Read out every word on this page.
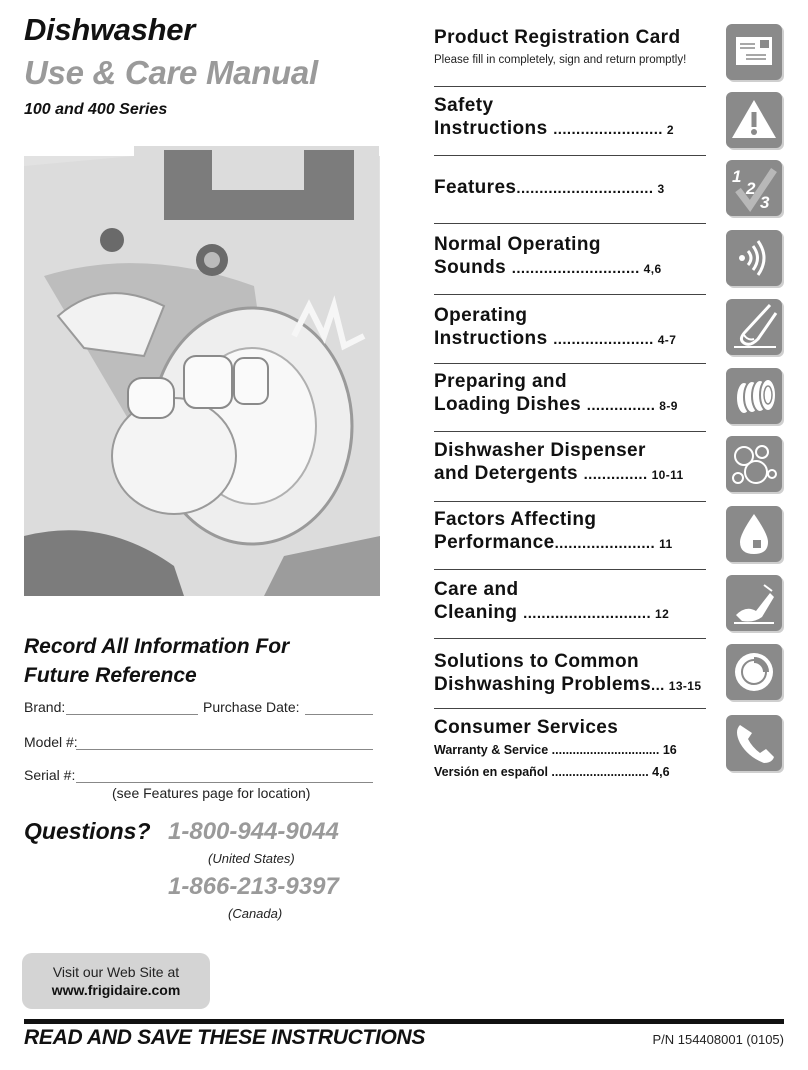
Dishwasher
Use & Care Manual
100 and 400 Series
Record All Information For
Future Reference
Brand:	Purchase Date:
Model #:
Serial #:
(see Features page for location)
Questions? 1-800-944-9044
(United States)
1-866-213-9397
(Canada)
Visit our Web Site at
www.frigidaire.com
READ AND SAVE THESE INSTRUCTIONS	P/N 154408001 (0105)
Product Registration Card
Please fill in completely, sign and return promptly!
Safety
Instructions ........................ 2
Features.............................. 3
1
2
3
Normal Operating
Sounds ............................ 4,6
Operating
Instructions ...................... 4-7
Preparing and
Loading Dishes ............... 8-9
Dishwasher Dispenser
and Detergents .............. 10-11
Factors Affecting
Performance...................... 11
Care and
Cleaning ............................ 12
Solutions to Common
Dishwashing Problems... 13-15
Consumer Services
Warranty & Service ............................... 16
Versión en español ............................ 4,6
